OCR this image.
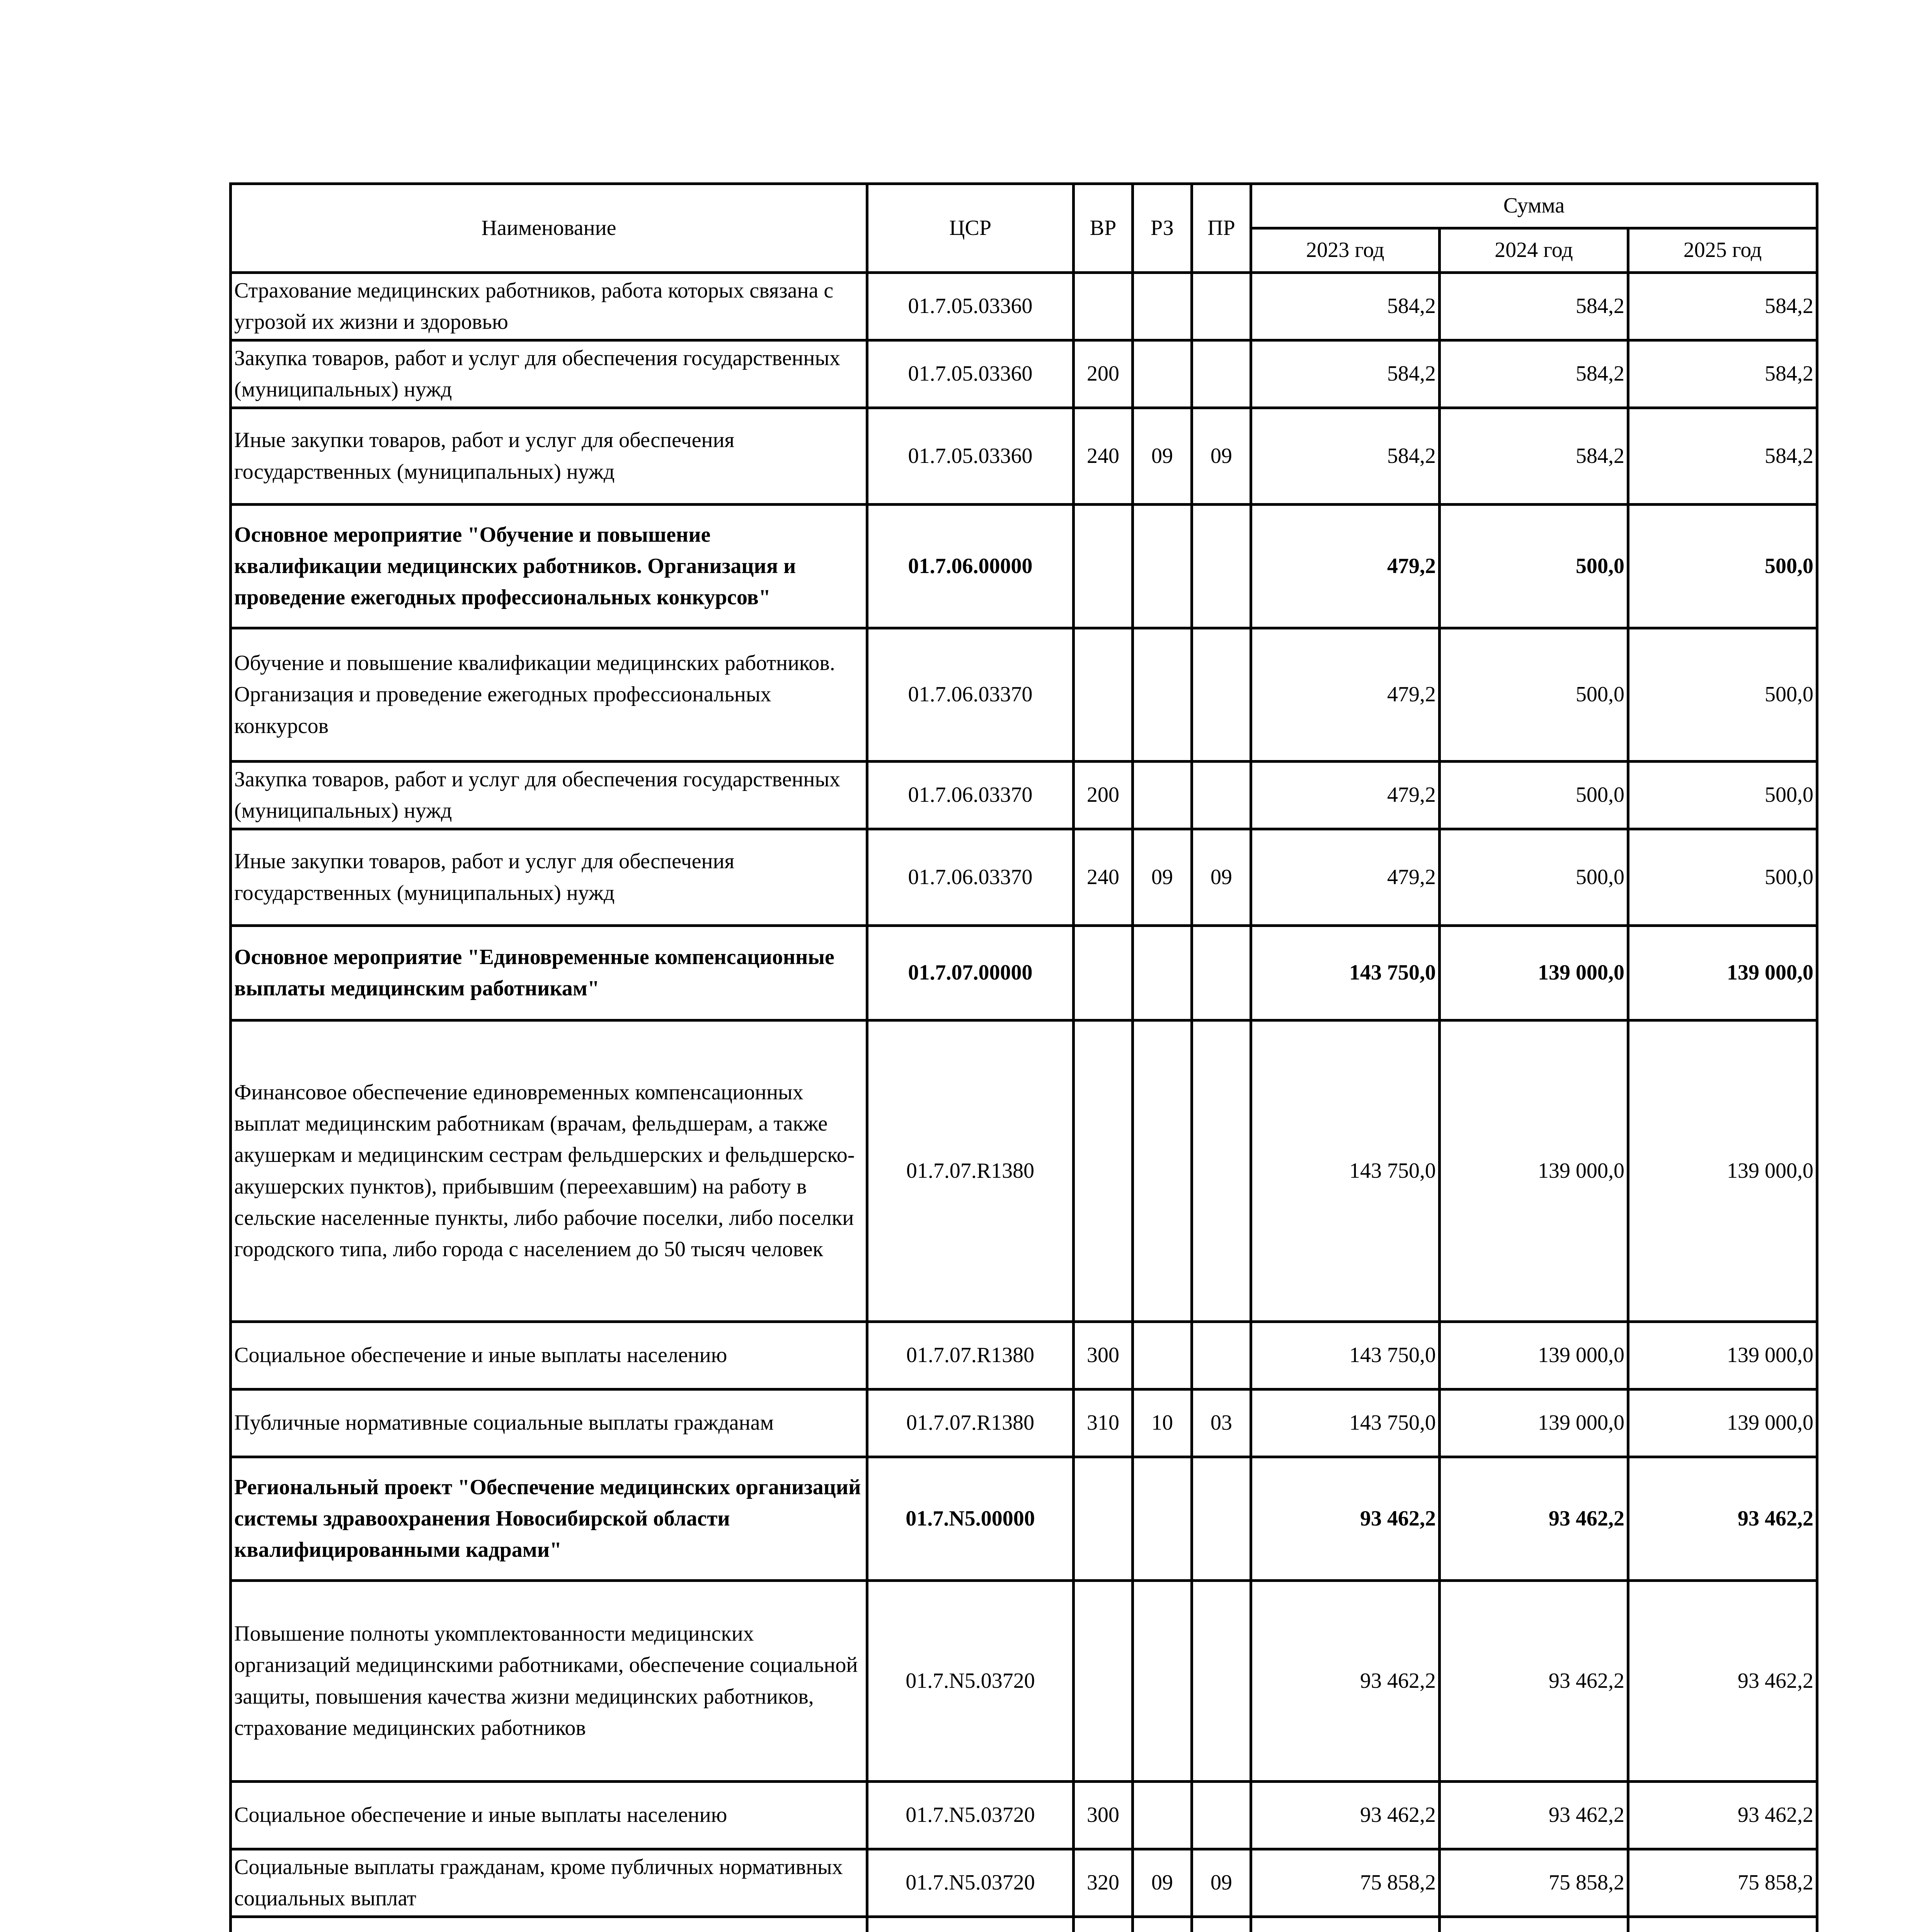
Наименование	ЦСР	ВР	РЗ	ПР	Сумма		
					2023 год	2024 год	2025 год
Страхование медицинских работников, работа которых связана с угрозой их жизни и здоровью	01.7.05.03360				584,2	584,2	584,2
Закупка товаров, работ и услуг для обеспечения государственных (муниципальных) нужд	01.7.05.03360	200			584,2	584,2	584,2
Иные закупки товаров, работ и услуг для обеспечения государственных (муниципальных) нужд	01.7.05.03360	240	09	09	584,2	584,2	584,2
Основное мероприятие "Обучение и повышение квалификации медицинских работников. Организация и проведение ежегодных профессиональных конкурсов"	01.7.06.00000				479,2	500,0	500,0
Обучение и повышение квалификации медицинских работников. Организация и проведение ежегодных профессиональных конкурсов	01.7.06.03370				479,2	500,0	500,0
Закупка товаров, работ и услуг для обеспечения государственных (муниципальных) нужд	01.7.06.03370	200			479,2	500,0	500,0
Иные закупки товаров, работ и услуг для обеспечения государственных (муниципальных) нужд	01.7.06.03370	240	09	09	479,2	500,0	500,0
Основное мероприятие "Единовременные компенсационные выплаты медицинским работникам"	01.7.07.00000				143 750,0	139 000,0	139 000,0
Финансовое обеспечение единовременных компенсационных выплат медицинским работникам (врачам, фельдшерам, а также акушеркам и медицинским сестрам фельдшерских и фельдшерско-акушерских пунктов), прибывшим (переехавшим) на работу в сельские населенные пункты, либо рабочие поселки, либо поселки городского типа, либо города с населением до 50 тысяч человек	01.7.07.R1380				143 750,0	139 000,0	139 000,0
Социальное обеспечение и иные выплаты населению	01.7.07.R1380	300			143 750,0	139 000,0	139 000,0
Публичные нормативные социальные выплаты гражданам	01.7.07.R1380	310	10	03	143 750,0	139 000,0	139 000,0
Региональный проект "Обеспечение медицинских организаций системы здравоохранения Новосибирской области квалифицированными кадрами"	01.7.N5.00000				93 462,2	93 462,2	93 462,2
Повышение полноты укомплектованности медицинских организаций медицинскими работниками, обеспечение социальной защиты, повышения качества жизни медицинских работников, страхование медицинских работников	01.7.N5.03720				93 462,2	93 462,2	93 462,2
Социальное обеспечение и иные выплаты населению	01.7.N5.03720	300			93 462,2	93 462,2	93 462,2
Социальные выплаты гражданам, кроме публичных нормативных социальных выплат	01.7.N5.03720	320	09	09	75 858,2	75 858,2	75 858,2
